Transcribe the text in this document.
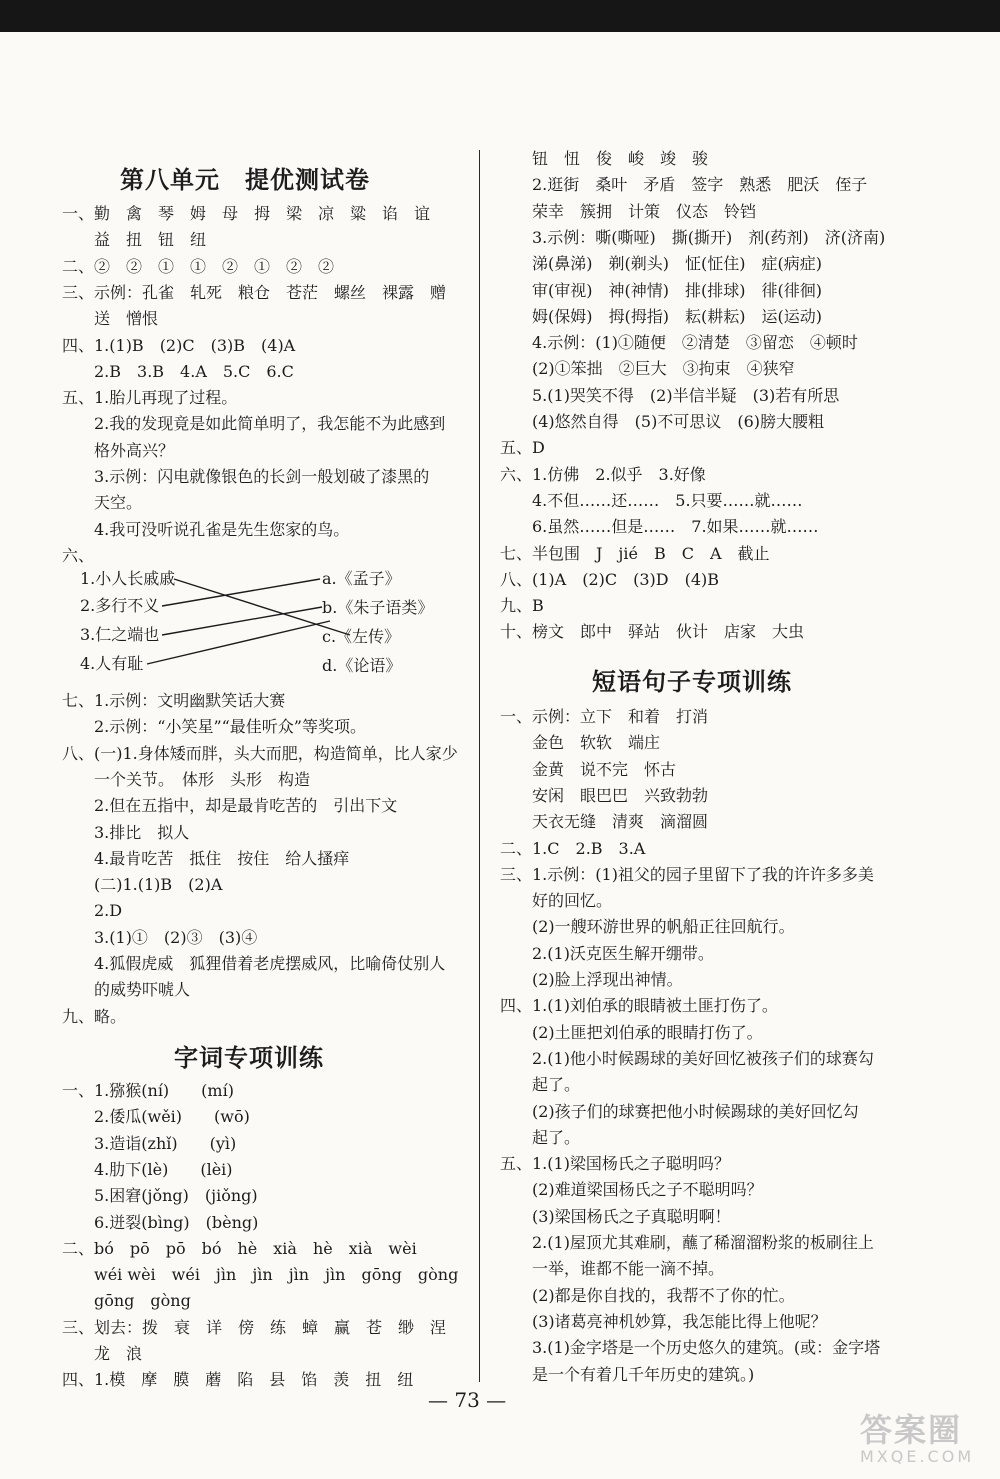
第八单元　提优测试卷
一、勤　禽　琴　姆　母　拇　梁　凉　粱　谄　谊
　　益　扭　钮　纽
二、②　②　①　①　②　①　②　②
三、示例：孔雀　轧死　粮仓　苍茫　螺丝　裸露　赠
　　送　憎恨
四、1.(1)B　(2)C　(3)B　(4)A
　　2.B　3.B　4.A　5.C　6.C
五、1.胎儿再现了过程。
　　2.我的发现竟是如此简单明了，我怎能不为此感到
　　格外高兴？
　　3.示例：闪电就像银色的长剑一般划破了漆黑的
　　天空。
　　4.我可没听说孔雀是先生您家的鸟。
六、
1.小人长戚戚
2.多行不义
3.仁之端也
4.人有耻
a.《孟子》
b.《朱子语类》
c.《左传》
d.《论语》
七、1.示例：文明幽默笑话大赛
　　2.示例：“小笑星”“最佳听众”等奖项。
八、(一)1.身体矮而胖，头大而肥，构造简单，比人家少
　　一个关节。　体形　头形　构造
　　2.但在五指中，却是最肯吃苦的　引出下文
　　3.排比　拟人
　　4.最肯吃苦　抵住　按住　给人搔痒
　　(二)1.(1)B　(2)A
　　2.D
　　3.(1)①　(2)③　(3)④
　　4.狐假虎威　狐狸借着老虎摆威风，比喻倚仗别人
　　的威势吓唬人
九、略。
字词专项训练
一、1.猕猴(ní)　　(mí)
　　2.倭瓜(wěi)　　(wō)
　　3.造诣(zhǐ)　　(yì)
　　4.肋下(lè)　　(lèi)
　　5.困窘(jǒng)　(jiǒng)
　　6.迸裂(bìng)　(bèng)
二、bó　pō　pō　bó　hè　xià　hè　xià　wèi
　　wéi wèi　wéi　jìn　jìn　jìn　jìn　gōng　gòng
　　gōng　gòng
三、划去：拨　衰　详　傍　练　蟑　赢　苍　缈　涅
　　龙　浪
四、1.模　摩　膜　蘑　陷　县　馅　羡　扭　纽
　　钮　忸　俊　峻　竣　骏
　　2.逛街　桑叶　矛盾　签字　熟悉　肥沃　侄子
　　荣幸　簇拥　计策　仪态　铃铛
　　3.示例：嘶(嘶哑)　撕(撕开)　剂(药剂)　济(济南)
　　涕(鼻涕)　剃(剃头)　怔(怔住)　症(病症)
　　审(审视)　神(神情)　排(排球)　徘(徘徊)
　　姆(保姆)　拇(拇指)　耘(耕耘)　运(运动)
　　4.示例：(1)①随便　②清楚　③留恋　④顿时
　　(2)①笨拙　②巨大　③拘束　④狭窄
　　5.(1)哭笑不得　(2)半信半疑　(3)若有所思
　　(4)悠然自得　(5)不可思议　(6)膀大腰粗
五、D
六、1.仿佛　2.似乎　3.好像
　　4.不但……还……　5.只要……就……
　　6.虽然……但是……　7.如果……就……
七、半包围　J　jié　B　C　A　截止
八、(1)A　(2)C　(3)D　(4)B
九、B
十、榜文　郎中　驿站　伙计　店家　大虫
短语句子专项训练
一、示例：立下　和着　打消
　　金色　软软　端庄
　　金黄　说不完　怀古
　　安闲　眼巴巴　兴致勃勃
　　天衣无缝　清爽　滴溜圆
二、1.C　2.B　3.A
三、1.示例：(1)祖父的园子里留下了我的许许多多美
　　好的回忆。
　　(2)一艘环游世界的帆船正往回航行。
　　2.(1)沃克医生解开绷带。
　　(2)脸上浮现出神情。
四、1.(1)刘伯承的眼睛被土匪打伤了。
　　(2)土匪把刘伯承的眼睛打伤了。
　　2.(1)他小时候踢球的美好回忆被孩子们的球赛勾
　　起了。
　　(2)孩子们的球赛把他小时候踢球的美好回忆勾
　　起了。
五、1.(1)梁国杨氏之子聪明吗？
　　(2)难道梁国杨氏之子不聪明吗？
　　(3)梁国杨氏之子真聪明啊！
　　2.(1)屋顶尤其难刷，蘸了稀溜溜粉浆的板刷往上
　　一举，谁都不能一滴不掉。
　　(2)都是你自找的，我帮不了你的忙。
　　(3)诸葛亮神机妙算，我怎能比得上他呢？
　　3.(1)金字塔是一个历史悠久的建筑。(或：金字塔
　　是一个有着几千年历史的建筑。)
— 73 —
答案圈
MXQE.COM
